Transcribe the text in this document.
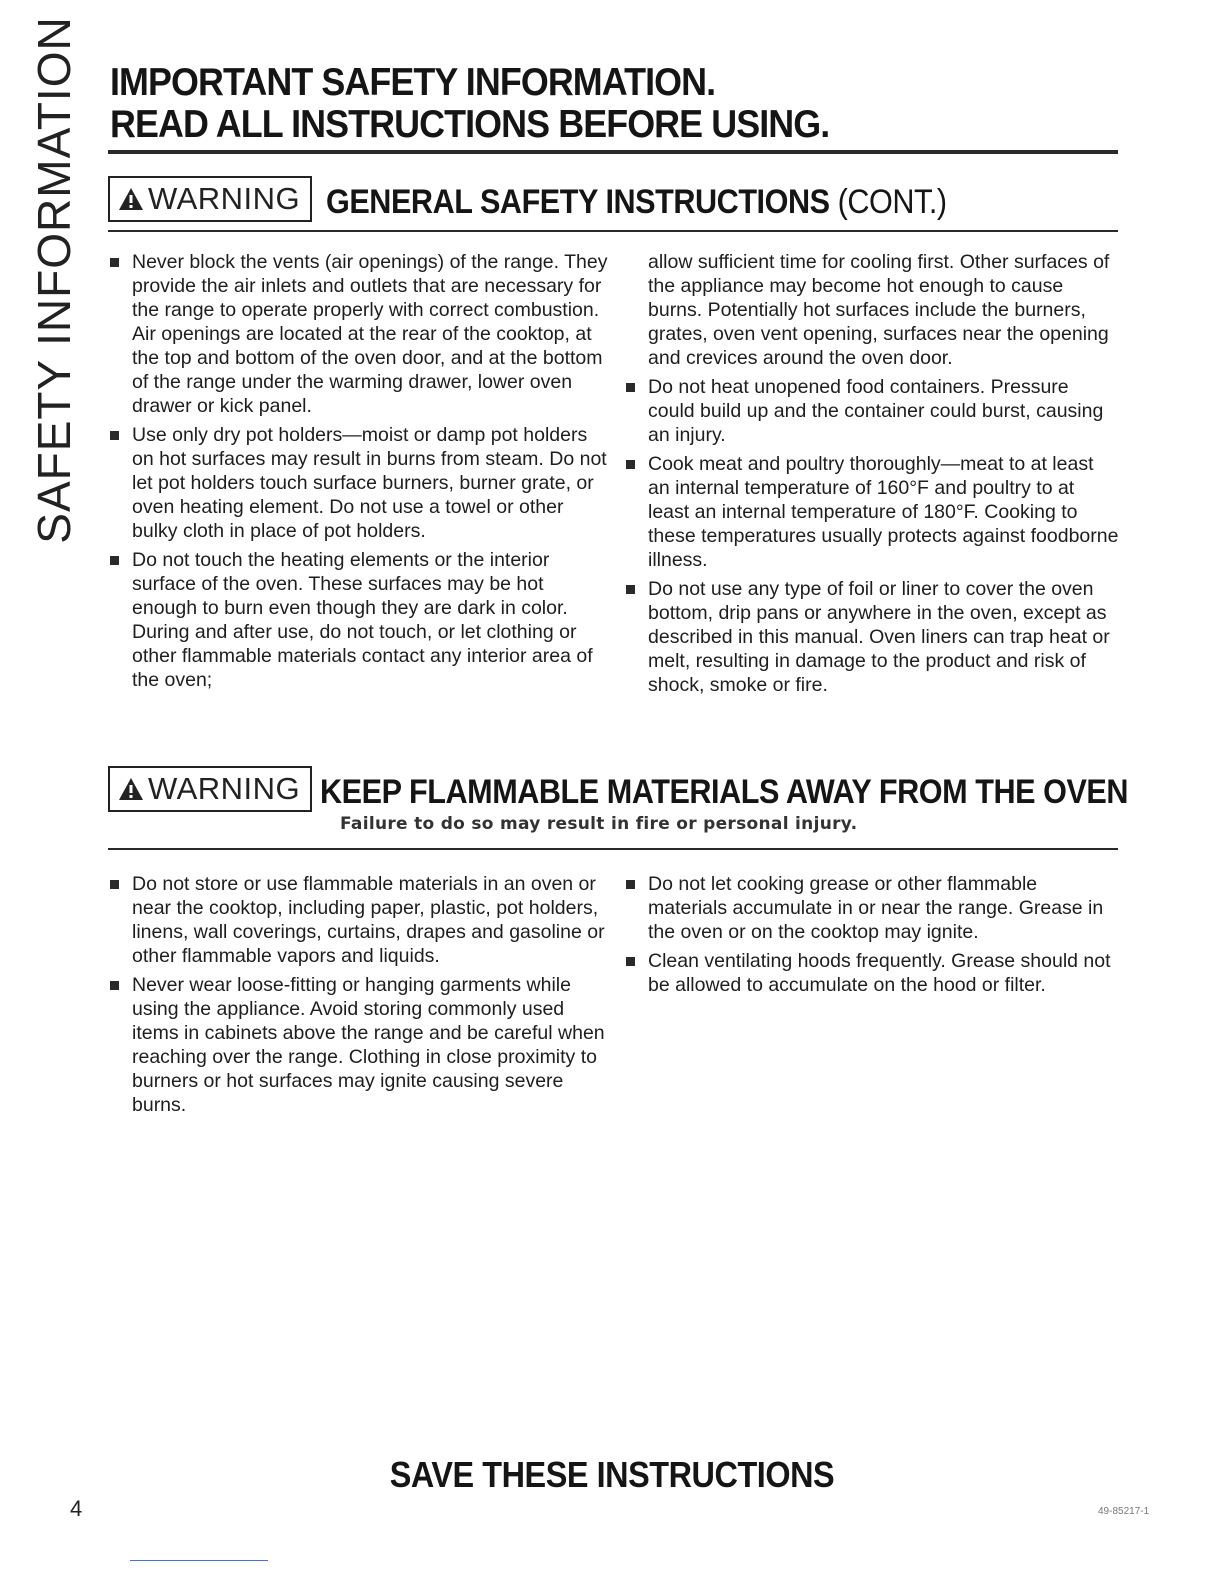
SAFETY INFORMATION IMPORTANT SAFETY INFORMATION.
READ ALL INSTRUCTIONS BEFORE USING.
WARNING GENERAL SAFETY INSTRUCTIONS (CONT.)
Never block the vents (air openings) of the range. They provide the air inlets and outlets that are necessary for the range to operate properly with correct combustion. Air openings are located at the rear of the cooktop, at the top and bottom of the oven door, and at the bottom of the range under the warming drawer, lower oven drawer or kick panel.
Use only dry pot holders—moist or damp pot holders on hot surfaces may result in burns from steam. Do not let pot holders touch surface burners, burner grate, or oven heating element. Do not use a towel or other bulky cloth in place of pot holders.
Do not touch the heating elements or the interior surface of the oven. These surfaces may be hot enough to burn even though they are dark in color. During and after use, do not touch, or let clothing or other flammable materials contact any interior area of the oven;

allow sufficient time for cooling first. Other surfaces of the appliance may become hot enough to cause burns. Potentially hot surfaces include the burners, grates, oven vent opening, surfaces near the opening and crevices around the oven door.

Do not heat unopened food containers. Pressure could build up and the container could burst, causing an injury.
Cook meat and poultry thoroughly—meat to at least an internal temperature of 160°F and poultry to at least an internal temperature of 180°F. Cooking to these temperatures usually protects against foodborne illness.
Do not use any type of foil or liner to cover the oven bottom, drip pans or anywhere in the oven, except as described in this manual. Oven liners can trap heat or melt, resulting in damage to the product and risk of shock, smoke or fire.
WARNING KEEP FLAMMABLE MATERIALS AWAY FROM THE OVEN
Failure to do so may result in fire or personal injury.
Do not store or use flammable materials in an oven or near the cooktop, including paper, plastic, pot holders, linens, wall coverings, curtains, drapes and gasoline or other flammable vapors and liquids.
Never wear loose-fitting or hanging garments while using the appliance. Avoid storing commonly used items in cabinets above the range and be careful when reaching over the range. Clothing in close proximity to burners or hot surfaces may ignite causing severe burns.
Do not let cooking grease or other flammable materials accumulate in or near the range. Grease in the oven or on the cooktop may ignite.
Clean ventilating hoods frequently. Grease should not be allowed to accumulate on the hood or filter.
SAVE THESE INSTRUCTIONS
4	49-85217-1
